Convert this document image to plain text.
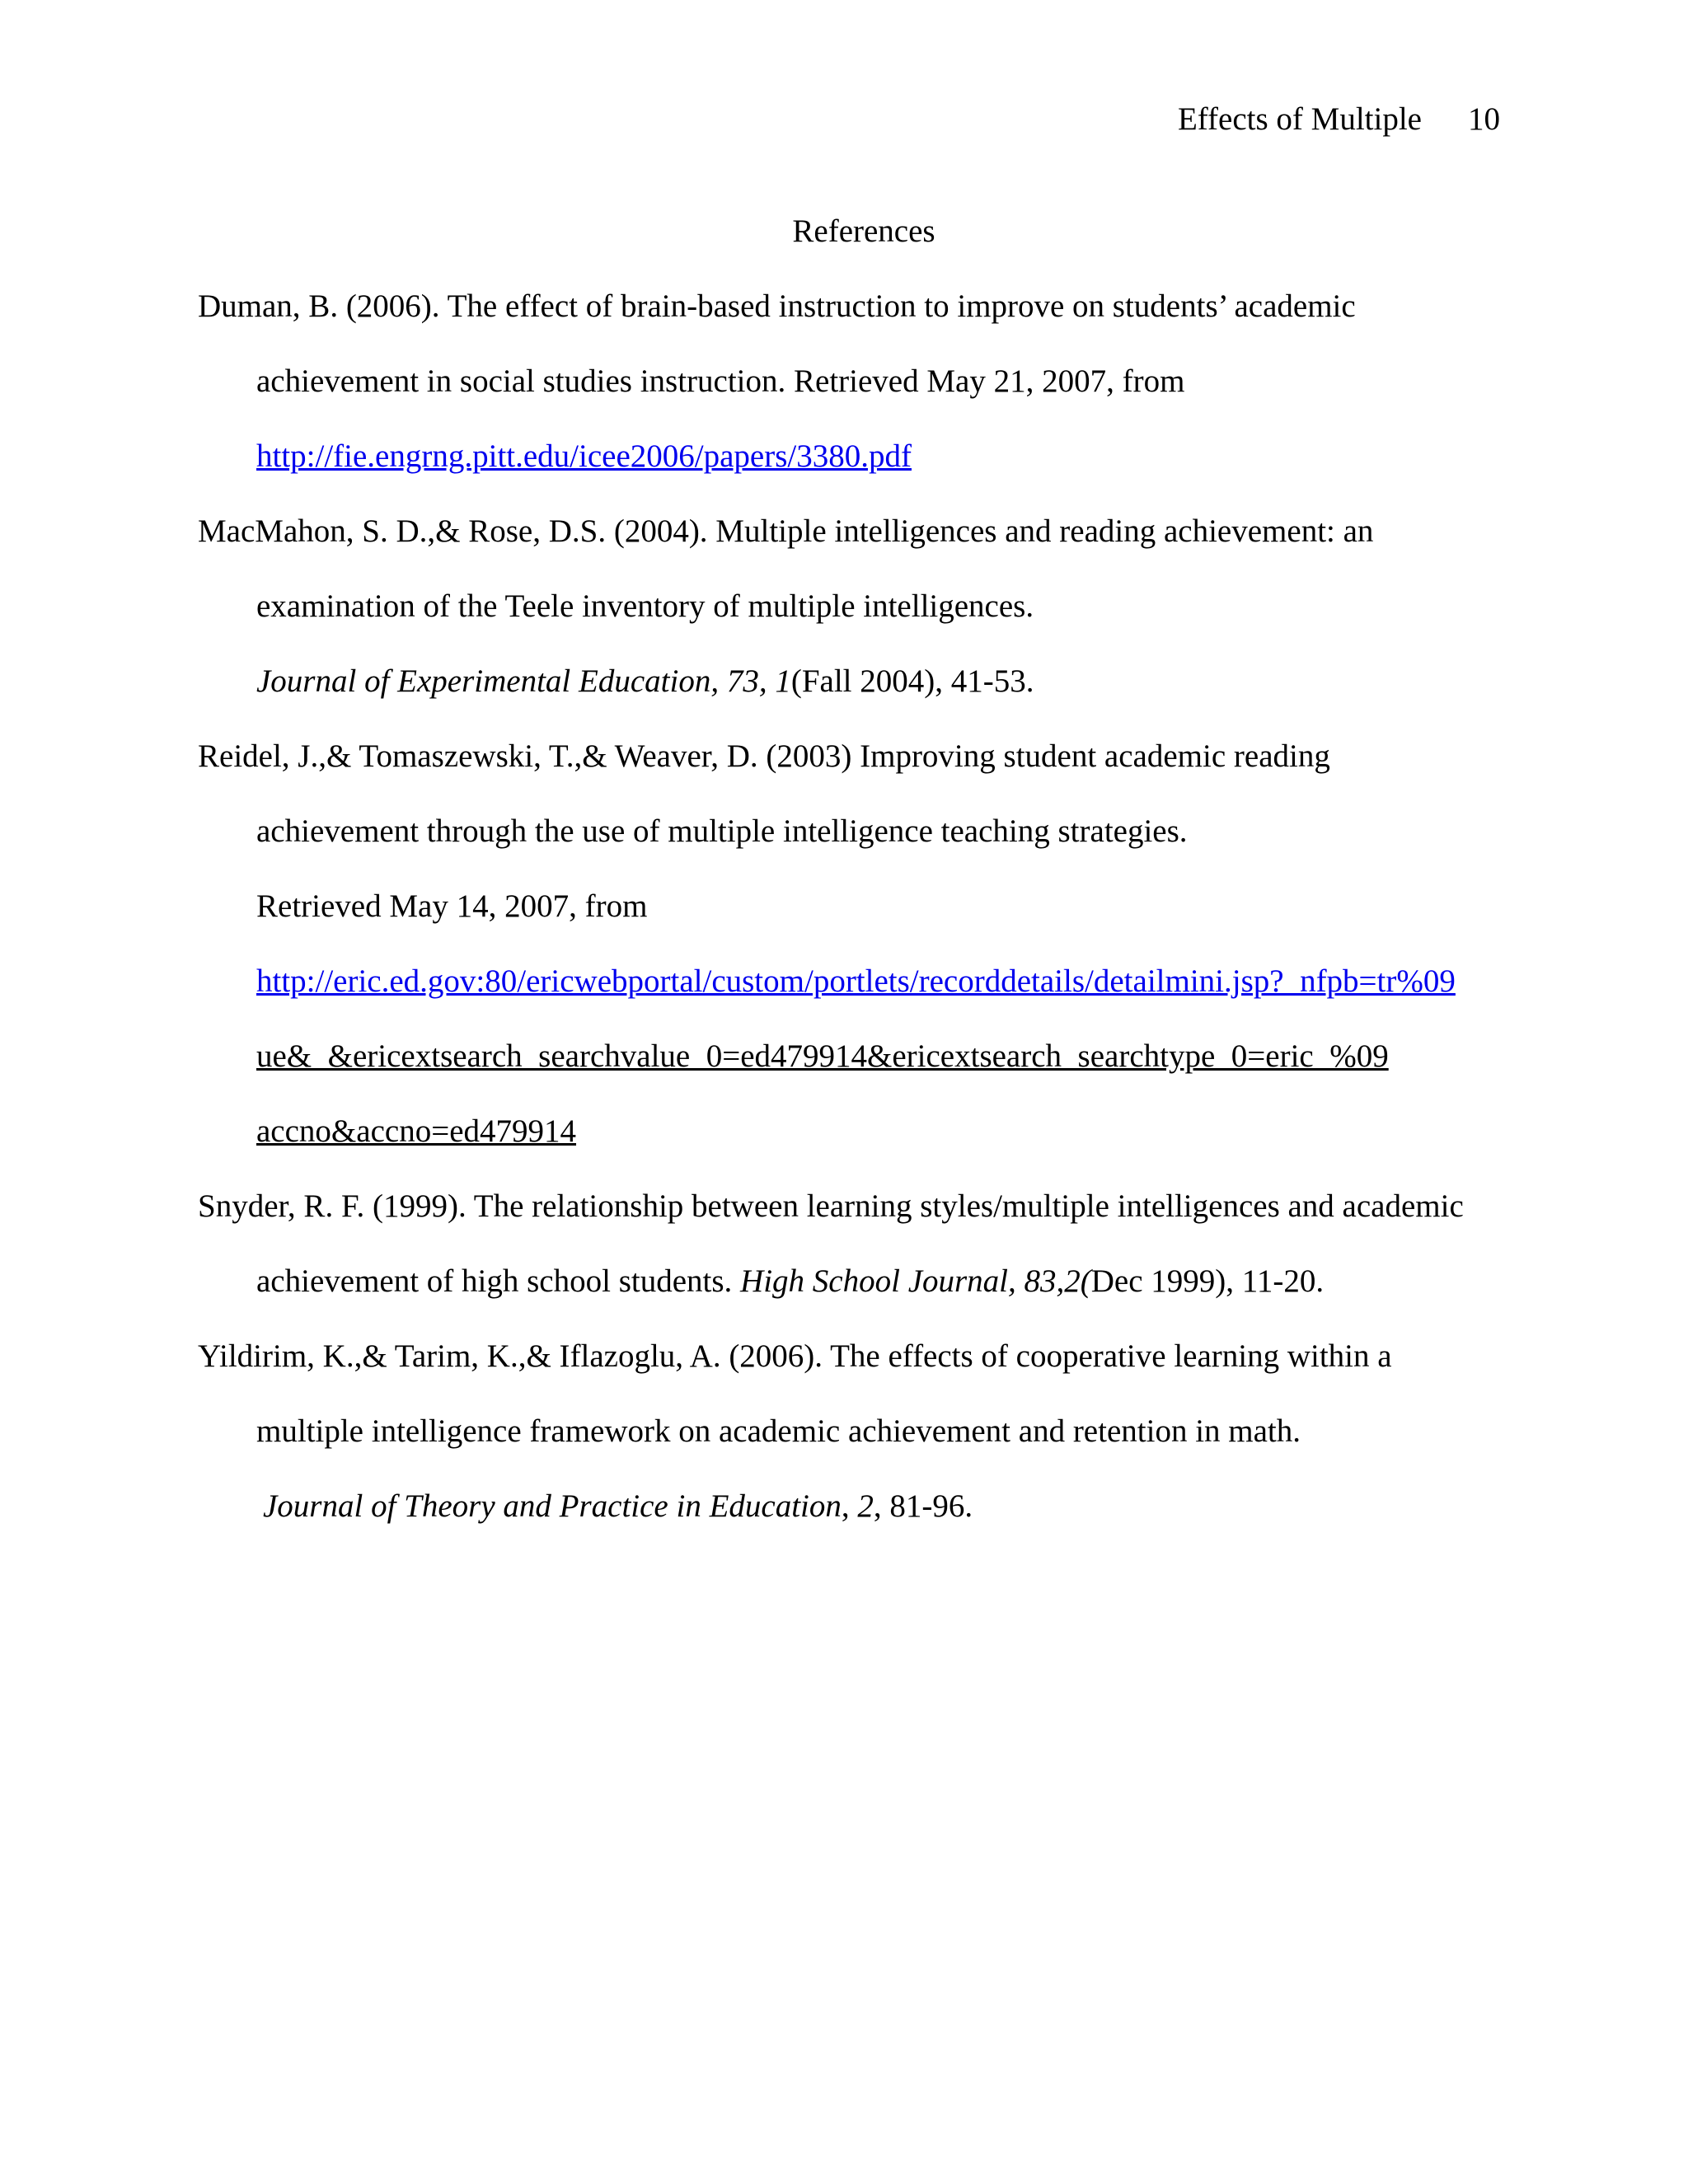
Effects of Multiple 10
References
Duman, B. (2006). The effect of brain-based instruction to improve on students’ academic
achievement in social studies instruction. Retrieved May 21, 2007, from
http://fie.engrng.pitt.edu/icee2006/papers/3380.pdf
MacMahon, S. D.,& Rose, D.S. (2004). Multiple intelligences and reading achievement: an
examination of the Teele inventory of multiple intelligences.
Journal of Experimental Education, 73, 1(Fall 2004), 41-53.
Reidel, J.,& Tomaszewski, T.,& Weaver, D. (2003) Improving student academic reading
achievement through the use of multiple intelligence teaching strategies.
Retrieved May 14, 2007, from
http://eric.ed.gov:80/ericwebportal/custom/portlets/recorddetails/detailmini.jsp?_nfpb=tr%09
ue&_&ericextsearch_searchvalue_0=ed479914&ericextsearch_searchtype_0=eric_%09
accno&accno=ed479914
Snyder, R. F. (1999). The relationship between learning styles/multiple intelligences and academic
achievement of high school students. High School Journal, 83,2(Dec 1999), 11-20.
Yildirim, K.,& Tarim, K.,& Iflazoglu, A. (2006). The effects of cooperative learning within a
multiple intelligence framework on academic achievement and retention in math.
Journal of Theory and Practice in Education, 2, 81-96.
